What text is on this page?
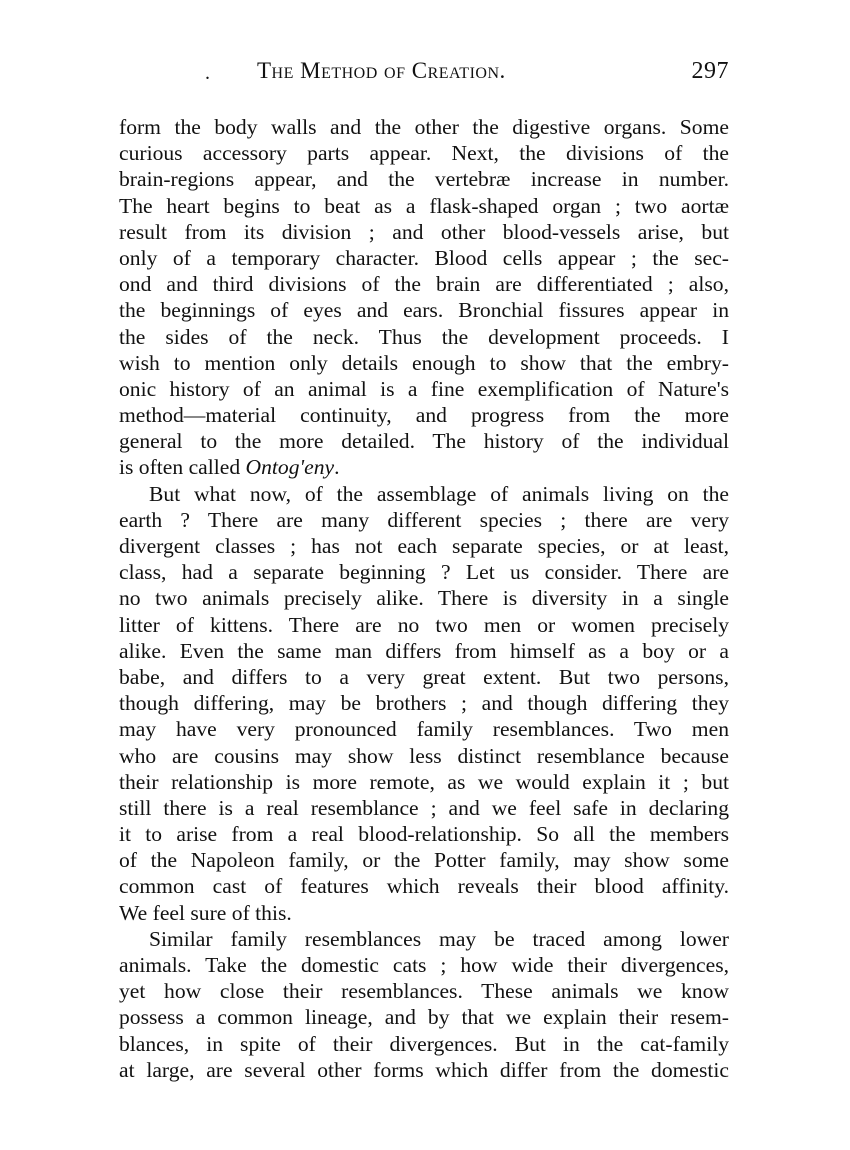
. The Method of Creation.	297
form the body walls and the other the digestive organs. Some
curious accessory parts appear. Next, the divisions of the
brain-regions appear, and the vertebræ increase in number.
The heart begins to beat as a flask-shaped organ ; two aortæ
result from its division ; and other blood-vessels arise, but
only of a temporary character. Blood cells appear ; the sec-
ond and third divisions of the brain are differentiated ; also,
the beginnings of eyes and ears. Bronchial fissures appear in
the sides of the neck. Thus the development proceeds. I
wish to mention only details enough to show that the embry-
onic history of an animal is a fine exemplification of Nature's
method—material continuity, and progress from the more
general to the more detailed. The history of the individual
is often called Ontog'eny.
But what now, of the assemblage of animals living on the
earth ? There are many different species ; there are very
divergent classes ; has not each separate species, or at least,
class, had a separate beginning ? Let us consider. There are
no two animals precisely alike. There is diversity in a single
litter of kittens. There are no two men or women precisely
alike. Even the same man differs from himself as a boy or a
babe, and differs to a very great extent. But two persons,
though differing, may be brothers ; and though differing they
may have very pronounced family resemblances. Two men
who are cousins may show less distinct resemblance because
their relationship is more remote, as we would explain it ; but
still there is a real resemblance ; and we feel safe in declaring
it to arise from a real blood-relationship. So all the members
of the Napoleon family, or the Potter family, may show some
common cast of features which reveals their blood affinity.
We feel sure of this.
Similar family resemblances may be traced among lower
animals. Take the domestic cats ; how wide their divergences,
yet how close their resemblances. These animals we know
possess a common lineage, and by that we explain their resem-
blances, in spite of their divergences. But in the cat-family
at large, are several other forms which differ from the domestic
